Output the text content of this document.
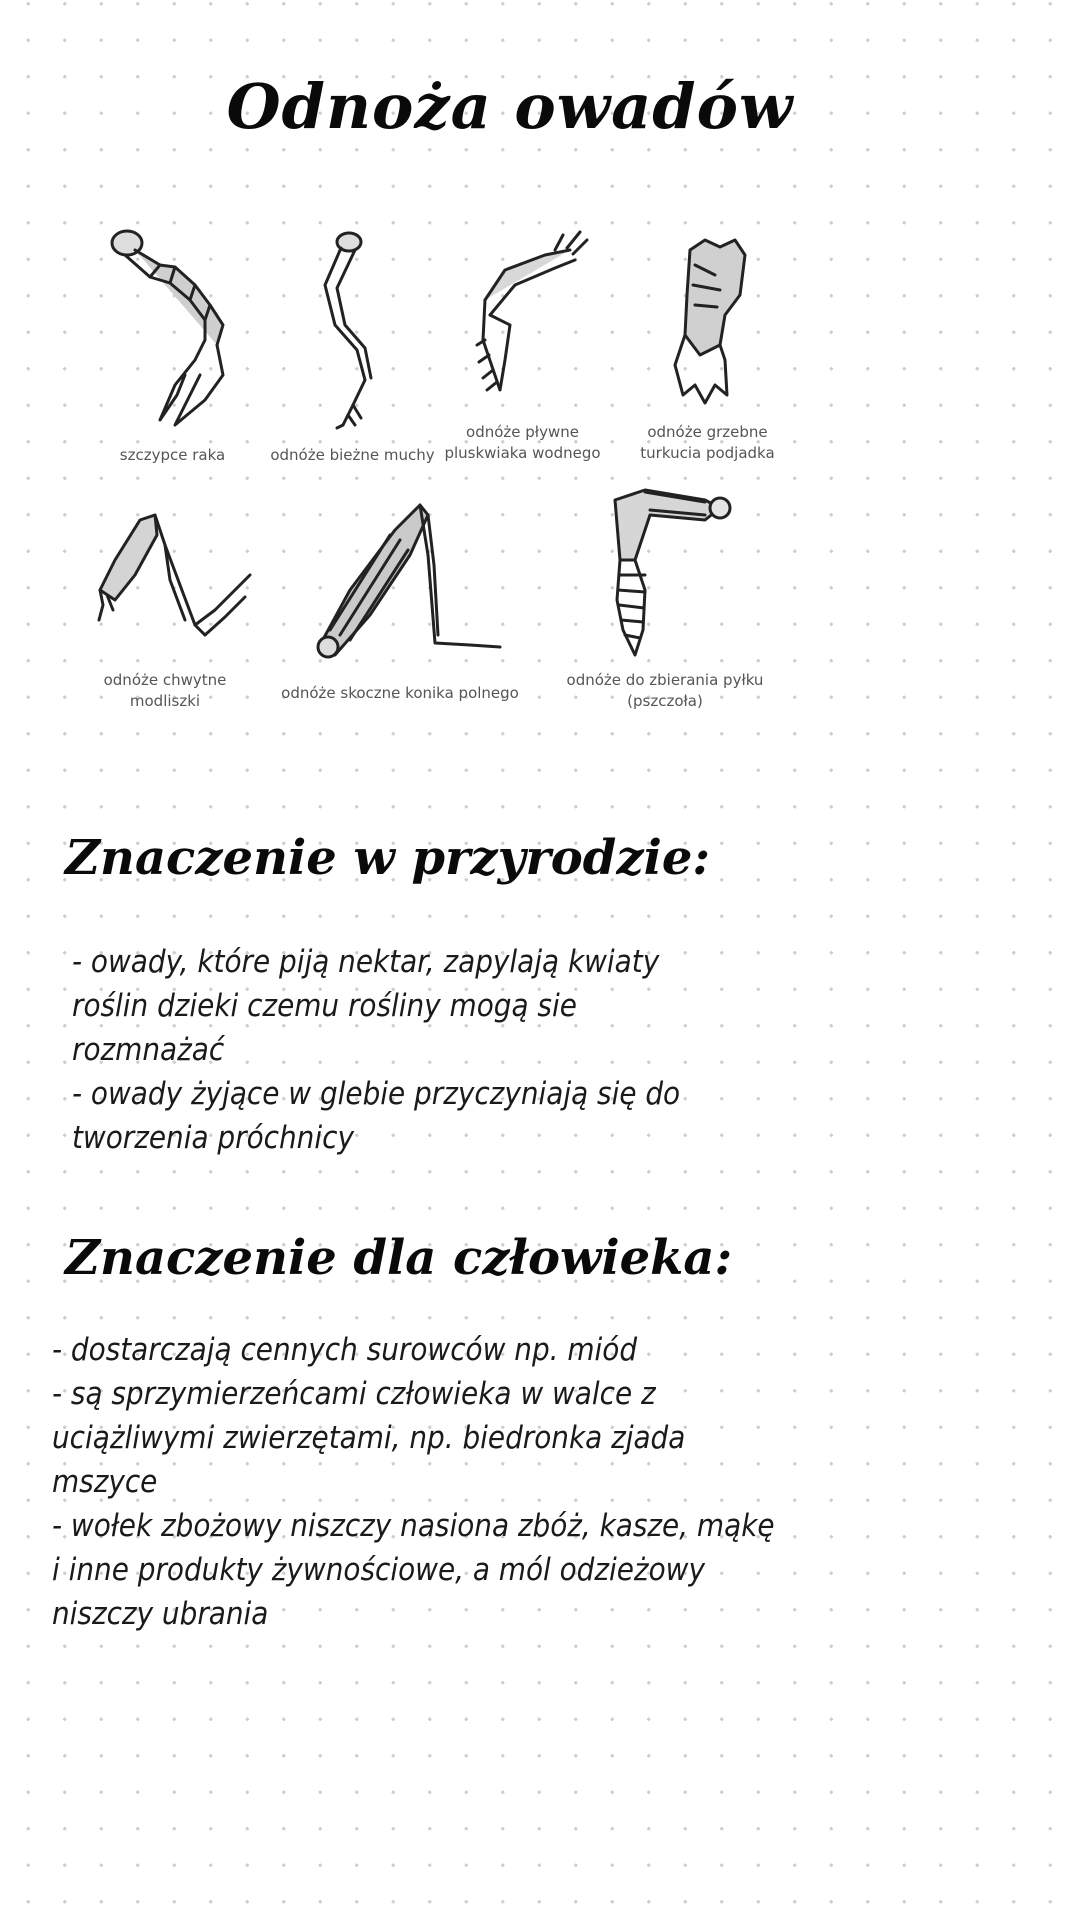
Odnoża owadów
szczypce raka	odnóże bieżne muchy
odnóże pływne
pluskwiaka wodnego
odnóże grzebne
turkucia podjadka
odnóże chwytne
modliszki	odnóże skoczne konika polnego
odnóże do zbierania pyłku
(pszczoła)
Znaczenie w przyrodzie:

- owady, które piją nektar, zapylają kwiaty

roślin dzieki czemu rośliny mogą sie

rozmnażać

- owady żyjące w glebie przyczyniają się do

tworzenia próchnicy

Znaczenie dla człowieka:

- dostarczają cennych surowców np. miód

- są sprzymierzeńcami człowieka w walce z

uciążliwymi zwierzętami, np. biedronka zjada

mszyce

- wołek zbożowy niszczy nasiona zbóż, kasze, mąkę

i inne produkty żywnościowe, a mól odzieżowy

niszczy ubrania
